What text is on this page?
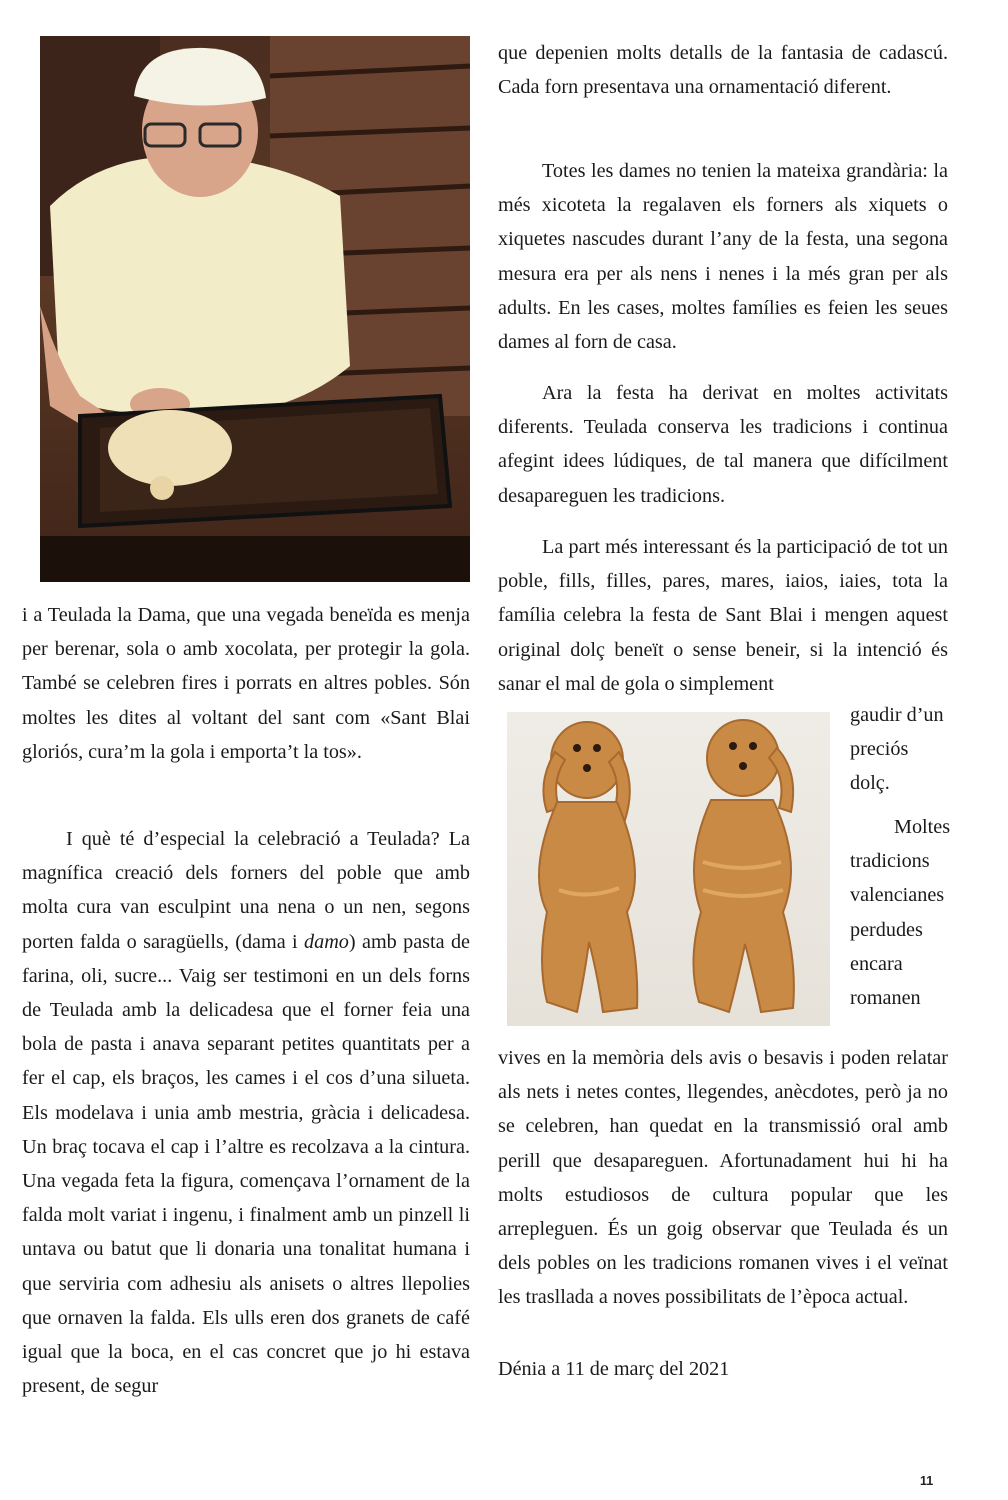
i a Teulada la Dama, que una vegada beneïda es menja per berenar, sola o amb xocolata, per protegir la gola. També se celebren fires i porrats en altres pobles. Són moltes les dites al voltant del sant com «Sant Blai gloriós, cura’m la gola i emporta’t la tos».

I què té d’especial la celebració a Teulada? La magnífica creació dels forners del poble que amb molta cura van esculpint una nena o un nen, segons porten falda o saragüells, (dama i damo) amb pasta de farina, oli, sucre... Vaig ser testimoni en un dels forns de Teulada amb la delicadesa que el forner feia una bola de pasta i anava separant petites quantitats per a fer el cap, els braços, les cames i el cos d’una silueta. Els modelava i unia amb mestria, gràcia i delicadesa. Un braç tocava el cap i l’altre es recolzava a la cintura. Una vegada feta la figura, començava l’ornament de la falda molt variat i ingenu, i finalment amb un pinzell li untava ou batut que li donaria una tonalitat humana i que serviria com adhesiu als anisets o altres llepolies que ornaven la falda. Els ulls eren dos granets de café igual que la boca, en el cas concret que jo hi estava present, de segur

que depenien molts detalls de la fantasia de cadascú. Cada forn presentava una ornamentació diferent.

Totes les dames no tenien la mateixa grandària: la més xicoteta la regalaven els forners als xiquets o xiquetes nascudes durant l’any de la festa, una segona mesura era per als nens i nenes i la més gran per als adults. En les cases, moltes famílies es feien les seues dames al forn de casa.

Ara la festa ha derivat en moltes activitats diferents. Teulada conserva les tradicions i continua afegint idees lúdiques, de tal manera que difícilment desapareguen les tradicions.

La part més interessant és la participació de tot un poble, fills, filles, pares, mares, iaios, iaies, tota la família celebra la festa de Sant Blai i mengen aquest original dolç beneït o sense beneir, si la intenció és sanar el mal de gola o simplement

gaudir d’un preciós dolç.

Moltes tradicions valencianes perdudes encara romanen

vives en la memòria dels avis o besavis i poden relatar als nets i netes contes, llegendes, anècdotes, però ja no se celebren, han quedat en la transmissió oral amb perill que desapareguen. Afortunadament hui hi ha molts estudiosos de cultura popular que les arrepleguen. És un goig observar que Teulada és un dels pobles on les tradicions romanen vives i el veïnat les trasllada a noves possibilitats de l’època actual.

Dénia a 11 de març del 2021

11
